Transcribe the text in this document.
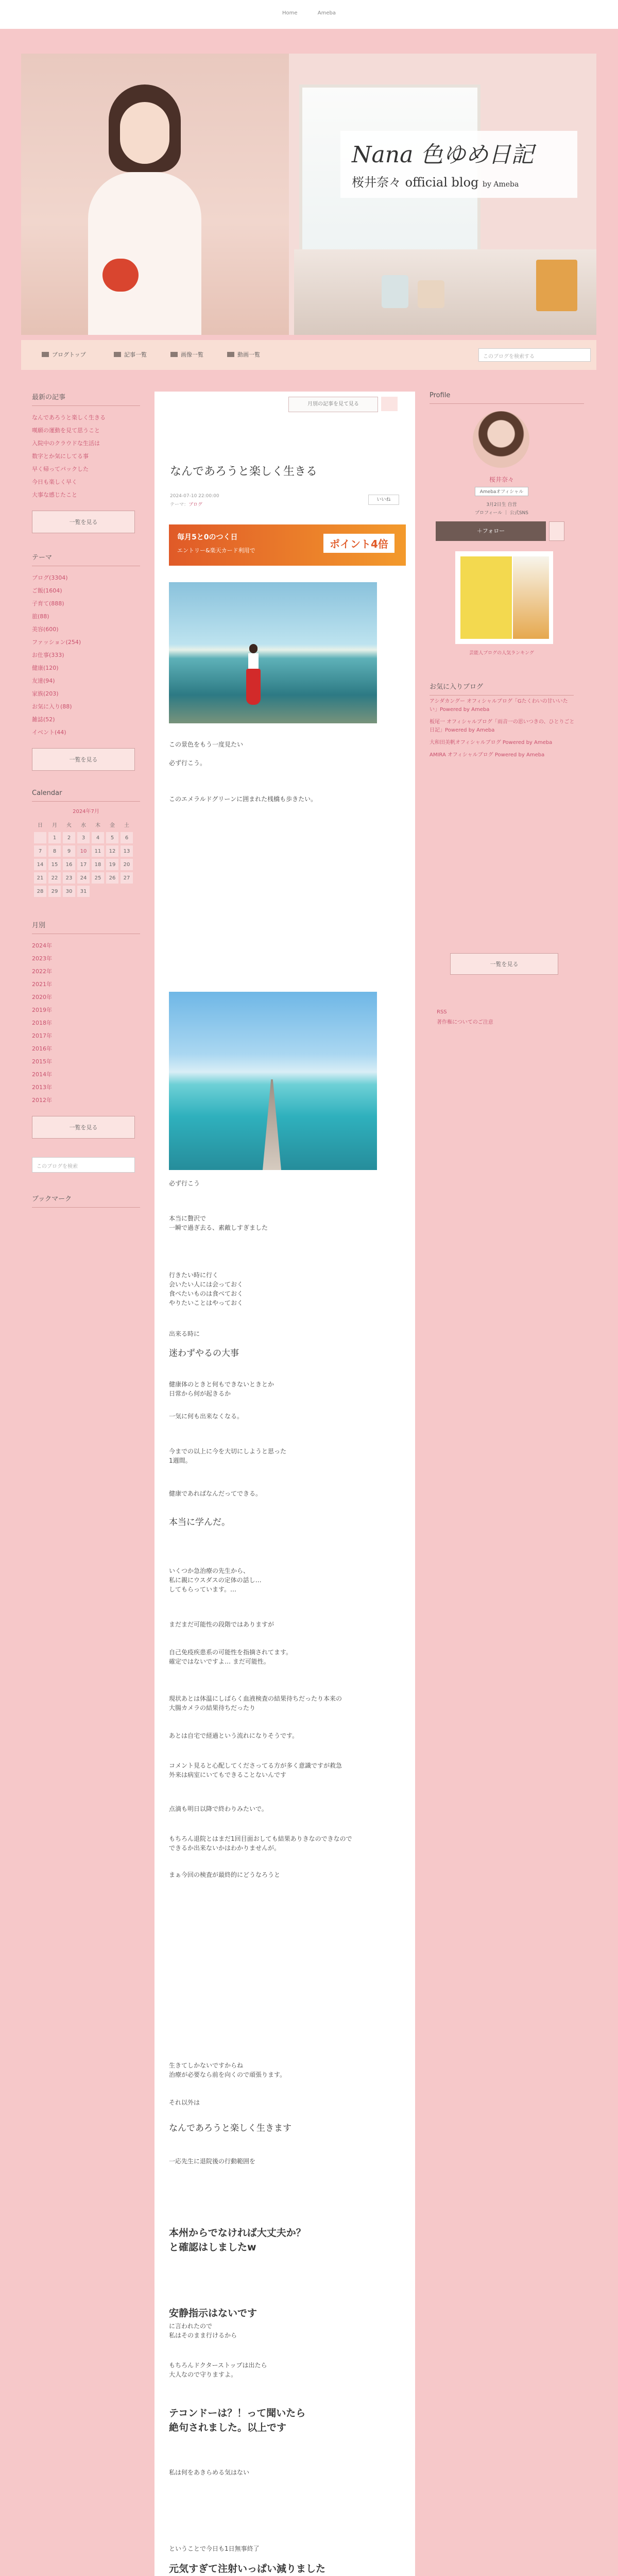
Home	Ameba
Nana 色ゆめ日記
桜井奈々 official blog by Ameba
ブログトップ	記事一覧	画像一覧	動画一覧	このブログを検索する
最新の記事
なんであろうと楽しく生きる
嘆願の運動を見て思うこと
入院中のクラウドな生活は
数字とか気にしてる事
早く帰ってパックした
今日も楽しく早く
大事な感じたこと
一覧を見る
テーマ
ブログ(3304)
ご飯(1604)
子育て(888)
旅(88)
美容(600)
ファッション(254)
お仕事(333)
健康(120)
友達(94)
家族(203)
お気に入り(88)
雑誌(52)
イベント(44)
一覧を見る
Calendar
2024年7月
日	月	火	水	木	金	土
	1	2	3	4	5	6
7	8	9	10	11	12	13
14	15	16	17	18	19	20
21	22	23	24	25	26	27
28	29	30	31			
月別
2024年
2023年
2022年
2021年
2020年
2019年
2018年
2017年
2016年
2015年
2014年
2013年
2012年
一覧を見る
このブログを検索
ブックマーク
月別の記事を見て見る
なんであろうと楽しく生きる
2024-07-10 22:00:00
テーマ：ブログ
いいね
毎月5と0のつく日
エントリー&楽天カード利用で
ポイント4倍
この景色をもう一度見たい
必ず行こう。
このエメラルドグリーンに囲まれた桟橋も歩きたい。
必ず行こう
本当に贅沢で
一瞬で過ぎ去る、素敵しすぎました
行きたい時に行く
会いたい人には会っておく
食べたいものは食べておく
やりたいことはやっておく
出来る時に
迷わずやるの大事
健康体のときと何もできないときとか
日常から何が起きるか
一気に何も出来なくなる。
今までの以上に今を大切にしようと思った
1週間。
健康であればなんだってできる。
本当に学んだ。
いくつか急治療の先生から、
私に親にウスダスの定体の話し…
してもらっています。…
まだまだ可能性の段階ではありますが
自己免疫疾患系の可能性を指摘されてます。
確定ではないですよ… まだ可能性。
現状あとは体温にしばらく血液検査の結果待ちだったり本来の
大腸カメラの結果待ちだったり
あとは自宅で経過という流れになりそうです。
コメント見ると心配してくださってる方が多く意識ですが救急
外来は病室にいてもできることないんです
点滴も明日以降で終わりみたいで。
もちろん退院とはまだ1回目面おしても結果ありきなのできなので
できるか出来ないかはわかりませんが。
まぁ今回の検査が最終的にどうなろうと
生きてしかないですからね
治療が必要なら前を向くので頑張ります。
それ以外は
なんであろうと楽しく生きます
一応先生に退院後の行動範囲を
本州からでなければ大丈夫か？
と確認はしましたw
安静指示はないです
に言われたので
私はそのまま行けるから
もちろんドクターストップは出たら
大人なので守りますよ。
テコンドーは？！って聞いたら
絶句されました。以上です
私は何をあきらめる気はない
ということで今日も1日無事終了
元気すぎて注射いっぱい減りました
Profile
桜井奈々
Amebaオフィシャル
3月2日生 自営
プロフィール ｜ 公式SNS
＋フォロー
芸能人ブログの人気ランキング
お気に入りブログ
アシダカングー オフィシャルブログ「Gたくわいの甘いいたい」Powered by Ameba
板尾一 オフィシャルブログ「雨音一の思いつきの、ひとりごと日記」Powered by Ameba
大和田美帆オフィシャルブログ Powered by Ameba
AMIRA オフィシャルブログ Powered by Ameba
一覧を見る
RSS
著作権についてのご注意
